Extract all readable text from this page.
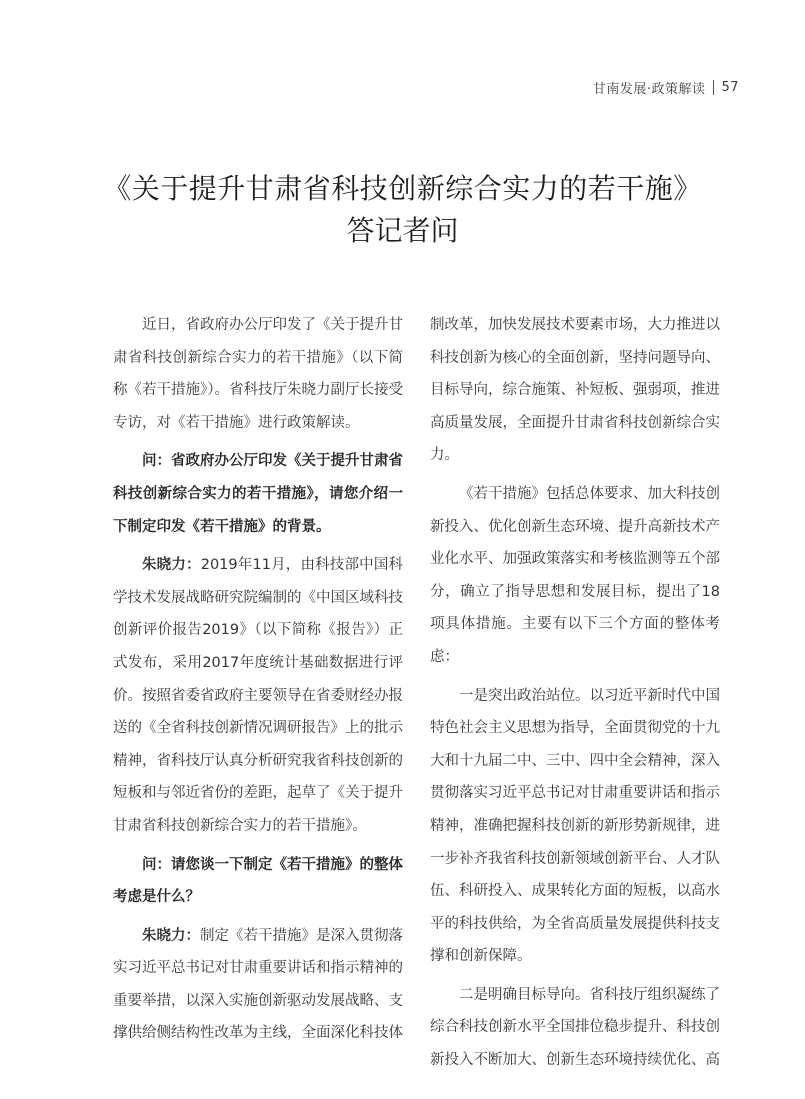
甘南发展·政策解读 57
《关于提升甘肃省科技创新综合实力的若干施》
答记者问

近日，省政府办公厅印发了《关于提升甘肃省科技创新综合实力的若干措施》（以下简称《若干措施》）。省科技厅朱晓力副厅长接受专访，对《若干措施》进行政策解读。

问：省政府办公厅印发《关于提升甘肃省科技创新综合实力的若干措施》，请您介绍一下制定印发《若干措施》的背景。

朱晓力：2019年11月，由科技部中国科学技术发展战略研究院编制的《中国区域科技创新评价报告2019》（以下简称《报告》）正式发布，采用2017年度统计基础数据进行评价。按照省委省政府主要领导在省委财经办报送的《全省科技创新情况调研报告》上的批示精神，省科技厅认真分析研究我省科技创新的短板和与邻近省份的差距，起草了《关于提升甘肃省科技创新综合实力的若干措施》。

问：请您谈一下制定《若干措施》的整体考虑是什么？

朱晓力：制定《若干措施》是深入贯彻落实习近平总书记对甘肃重要讲话和指示精神的重要举措，以深入实施创新驱动发展战略、支撑供给侧结构性改革为主线，全面深化科技体

制改革，加快发展技术要素市场，大力推进以科技创新为核心的全面创新，坚持问题导向、目标导向，综合施策、补短板、强弱项，推进高质量发展，全面提升甘肃省科技创新综合实力。

《若干措施》包括总体要求、加大科技创新投入、优化创新生态环境、提升高新技术产业化水平、加强政策落实和考核监测等五个部分，确立了指导思想和发展目标，提出了18项具体措施。主要有以下三个方面的整体考虑：

一是突出政治站位。以习近平新时代中国特色社会主义思想为指导，全面贯彻党的十九大和十九届二中、三中、四中全会精神，深入贯彻落实习近平总书记对甘肃重要讲话和指示精神，准确把握科技创新的新形势新规律，进一步补齐我省科技创新领域创新平台、人才队伍、科研投入、成果转化方面的短板，以高水平的科技供给，为全省高质量发展提供科技支撑和创新保障。

二是明确目标导向。省科技厅组织凝练了综合科技创新水平全国排位稳步提升、科技创新投入不断加大、创新生态环境持续优化、高
